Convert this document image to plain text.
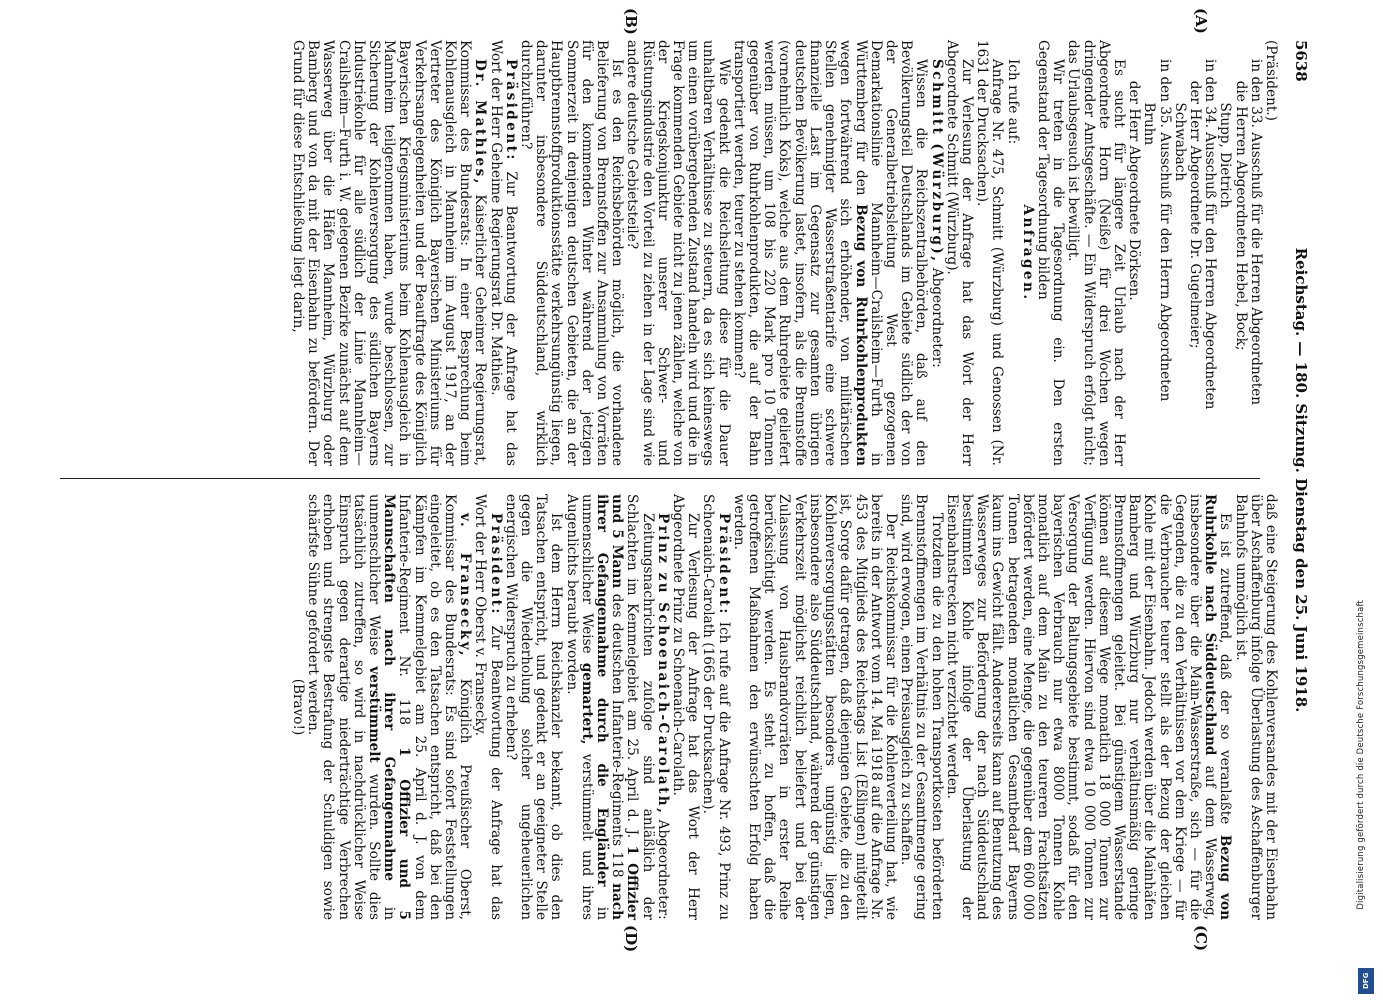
5638
Reichstag. — 180. Sitzung. Dienstag den 25. Juni 1918.
(A)
(B)
(C)
(D)

(Präsident.)

in den 33. Ausschuß für die Herren Abgeordneten
die Herren Abgeordneten Hebel, Bock;
Stupp, Dietrich
in den 34. Ausschuß für den Herren Abgeordneten
der Herr Abgeordnete Dr. Gugelmeier;
Schwabach
in den 35. Ausschuß für den Herrn Abgeordneten
Bruhn
der Herr Abgeordnete Dörksen.

Es sucht für längere Zeit Urlaub nach der Herr Abgeordnete Horn (Neiße) für drei Wochen wegen dringender Amtsgeschäfte. — Ein Widerspruch erfolgt nicht; das Urlaubsgesuch ist bewilligt.

Wir treten in die Tagesordnung ein. Den ersten Gegenstand der Tagesordnung bilden

Anfragen.

Ich rufe auf:

Anfrage Nr. 475, Schmitt (Würzburg) und Genossen (Nr. 1631 der Drucksachen).

Zur Verlesung der Anfrage hat das Wort der Herr Abgeordnete Schmitt (Würzburg).

Schmitt (Würzburg), Abgeordneter:

Wissen die Reichszentralbehörden, daß auf den Bevölkerungsteil Deutschlands im Gebiete südlich der von der Generalbetriebsleitung West gezogenen Demarkationslinie Mannheim—Crailsheim—Furth in Württemberg für den Bezug von Ruhrkohlenprodukten wegen fortwährend sich erhöhender, von militärischen Stellen genehmigter Wasserstraßentarife eine schwere finanzielle Last im Gegensatz zur gesamten übrigen deutschen Bevölkerung lastet, insofern, als die Brennstoffe (vornehmlich Koks), welche aus dem Ruhrgebiete geliefert werden müssen, um 108 bis 220 Mark pro 10 Tonnen gegenüber von Ruhrkohlenprodukten, die auf der Bahn transportiert werden, teurer zu stehen kommen?

Wie gedenkt die Reichsleitung diese für die Dauer unhaltbaren Verhältnisse zu steuern, da es sich keineswegs um einen vorübergehenden Zustand handeln wird und die in Frage kommenden Gebiete nicht zu jenen zählen, welche von der Kriegskonjunktur unserer Schwer- und Rüstungsindustrie den Vorteil zu ziehen in der Lage sind wie andere deutsche Gebietsteile?

Ist es den Reichsbehörden möglich, die vorhandene Belieferung von Brennstoffen zur Ansammlung von Vorräten für den kommenden Winter während der jetzigen Sommerzeit in denjenigen deutschen Gebieten, die an der Hauptbrennstoffproduktionsstätte verkehrsungünstig liegen, darunter insbesondere Süddeutschland, wirklich durchzuführen?

Präsident: Zur Beantwortung der Anfrage hat das Wort der Herr Geheime Regierungsrat Dr. Mathies.

Dr. Mathies, Kaiserlicher Geheimer Regierungsrat, Kommissar des Bundesrats: In einer Besprechung beim Kohlenausgleich in Mannheim im August 1917, an der Vertreter des Königlich Bayerischen Ministeriums für Verkehrsangelegenheiten und der Beauftragte des Königlich Bayerischen Kriegsministeriums beim Kohlenausgleich in Mannheim teilgenommen haben, wurde beschlossen, zur Sicherung der Kohlenversorgung des südlichen Bayerns Industriekohle für alle südlich der Linie Mannheim—Crailsheim—Furth i. W. gelegenen Bezirke zunächst auf dem Wasserweg über die Häfen Mannheim, Würzburg oder Bamberg und von da mit der Eisenbahn zu befördern. Der Grund für diese Entschließung liegt darin,

daß eine Steigerung des Kohlenversandes mit der Eisenbahn über Aschaffenburg infolge Überlastung des Aschaffenburger Bahnhofs unmöglich ist.

Es ist zutreffend, daß der so veranlaßte Bezug von Ruhrkohle nach Süddeutschland auf dem Wasserweg, insbesondere über die Main-Wasserstraße, sich — für die Gegenden, die zu den Verhältnissen vor dem Kriege — für die Verbraucher teurer stellt als der Bezug der gleichen Kohle mit der Eisenbahn. Jedoch werden über die Mainhäfen Bamberg und Würzburg nur verhältnismäßig geringe Brennstoffmengen geleitet. Bei günstigem Wasserstande können auf diesem Wege monatlich 18 000 Tonnen zur Verfügung werden. Hiervon sind etwa 10 000 Tonnen zur Versorgung der Baltungsgebiete bestimmt, sodaß für den bayerischen Verbrauch nur etwa 8000 Tonnen Kohle monatlich auf dem Main zu den teureren Frachtsätzen befördert werden, eine Menge, die gegenüber dem 600 000 Tonnen betragenden monatlichen Gesamtbedarf Bayerns kaum ins Gewicht fällt. Andererseits kann auf Benutzung des Wasserweges zur Beförderung der nach Süddeutschland bestimmten Kohle infolge der Überlastung der Eisenbahnstrecken nicht verzichtet werden.

Trotzdem die zu den hohen Transportkosten beförderten Brennstoffmengen im Verhältnis zu der Gesamtmenge gering sind, wird erwogen, einen Preisausgleich zu schaffen.

Der Reichskommissar für die Kohlenverteilung hat, wie bereits in der Antwort vom 14. Mai 1918 auf die Anfrage Nr. 453 des Mitglieds des Reichstags List (Eßlingen) mitgeteilt ist, Sorge dafür getragen, daß diejenigen Gebiete, die zu den Kohlenversorgungsstätten besonders ungünstig liegen, insbesondere also Süddeutschland, während der günstigen Verkehrszeit möglichst reichlich beliefert und bei der Zulassung von Hausbrandvorräten in erster Reihe berücksichtigt werden. Es steht zu hoffen, daß die getroffenen Maßnahmen den erwünschten Erfolg haben werden.

Präsident: Ich rufe auf die Anfrage Nr. 493, Prinz zu Schoenaich-Carolath (1665 der Drucksachen).

Zur Verlesung der Anfrage hat das Wort der Herr Abgeordnete Prinz zu Schoenaich-Carolath.

Prinz zu Schoenaich-Carolath, Abgeordneter:

Zeitungsnachrichten zufolge sind anläßlich der Schlachten im Kemmelgebiet am 25. April d. J. 1 Offizier und 5 Mann des deutschen Infanterie-Regiments 118 nach ihrer Gefangennahme durch die Engländer in unmenschlicher Weise gemartert, verstümmelt und ihres Augenlichts beraubt worden.

Ist dem Herrn Reichskanzler bekannt, ob dies den Tatsachen entspricht, und gedenkt er an geeigneter Stelle gegen die Wiederholung solcher ungeheuerlichen energischen Widerspruch zu erheben?

Präsident: Zur Beantwortung der Anfrage hat das Wort der Herr Oberst v. Fransecky.

v. Fransecky, Königlich Preußischer Oberst, Kommissar des Bundesrats: Es sind sofort Feststellungen eingeleitet, ob es den Tatsachen entspricht, daß bei den Kämpfen im Kemmelgebiet am 25. April d. J. von dem Infanterie-Regiment Nr. 118 1 Offizier und 5 Mannschaften nach ihrer Gefangennahme in unmenschlicher Weise verstümmelt wurden. Sollte dies tatsächlich zutreffen, so wird in nachdrücklicher Weise Einspruch gegen derartige niederträchtige Verbrechen erhoben und strengste Bestrafung der Schuldigen sowie schärfste Sühne gefordert werden.

(Bravo!)	Digitalisierung gefördert durch die Deutsche Forschungsgemeinschaft
DFG
